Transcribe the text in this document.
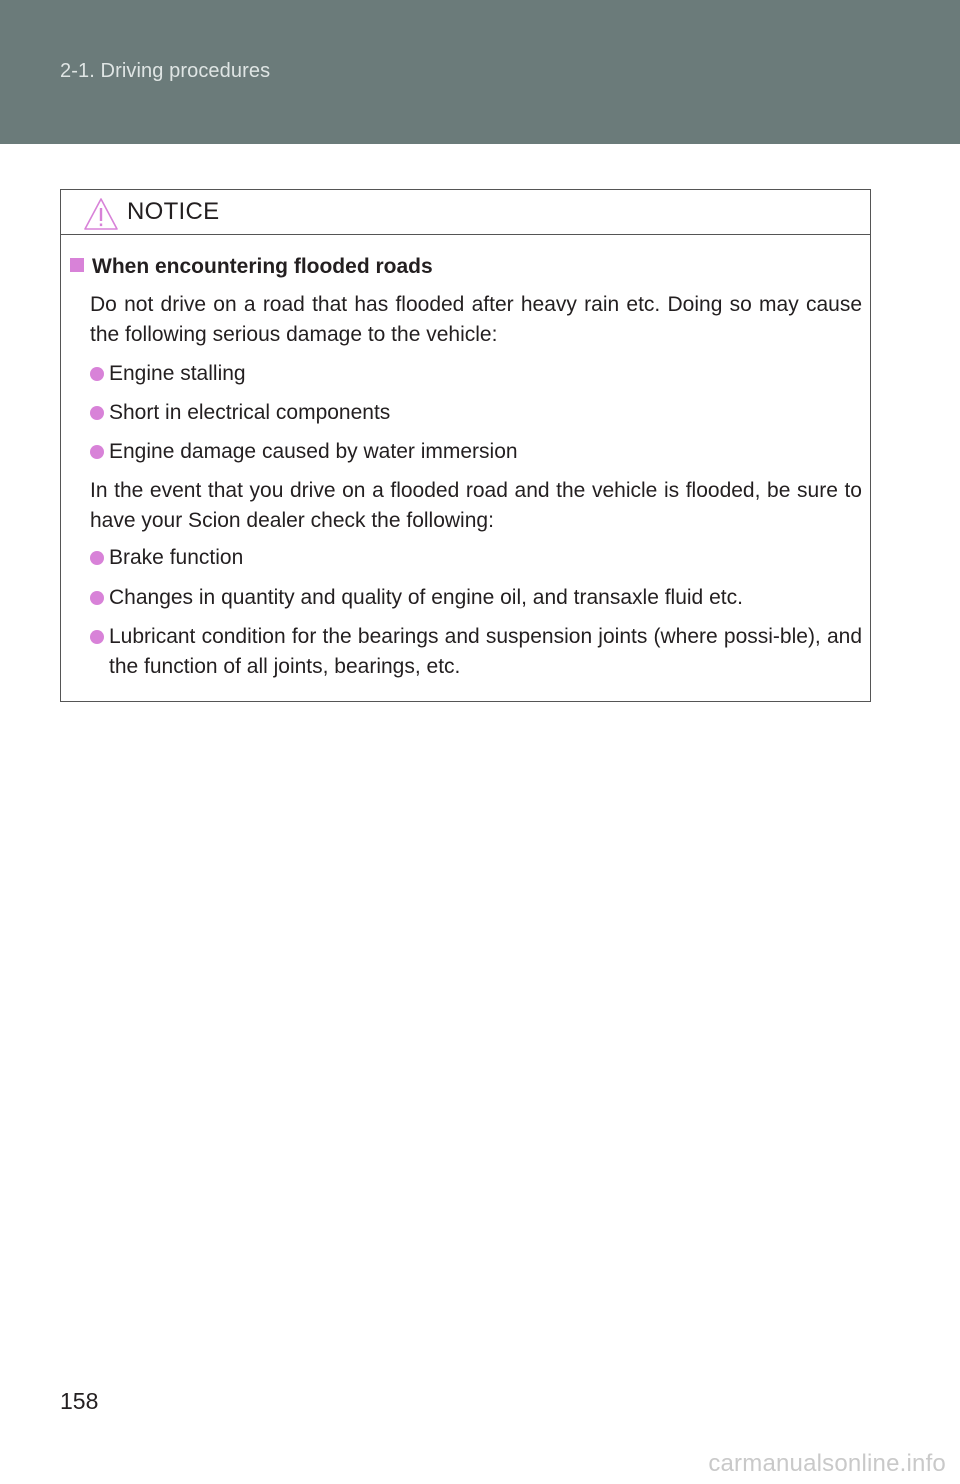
2-1. Driving procedures
NOTICE
When encountering flooded roads
Do not drive on a road that has flooded after heavy rain etc. Doing so may cause the following serious damage to the vehicle:
Engine stalling
Short in electrical components
Engine damage caused by water immersion
In the event that you drive on a flooded road and the vehicle is flooded, be sure to have your Scion dealer check the following:
Brake function
Changes in quantity and quality of engine oil, and transaxle fluid etc.
Lubricant condition for the bearings and suspension joints (where possi-ble), and the function of all joints, bearings, etc.
158
carmanualsonline.info
